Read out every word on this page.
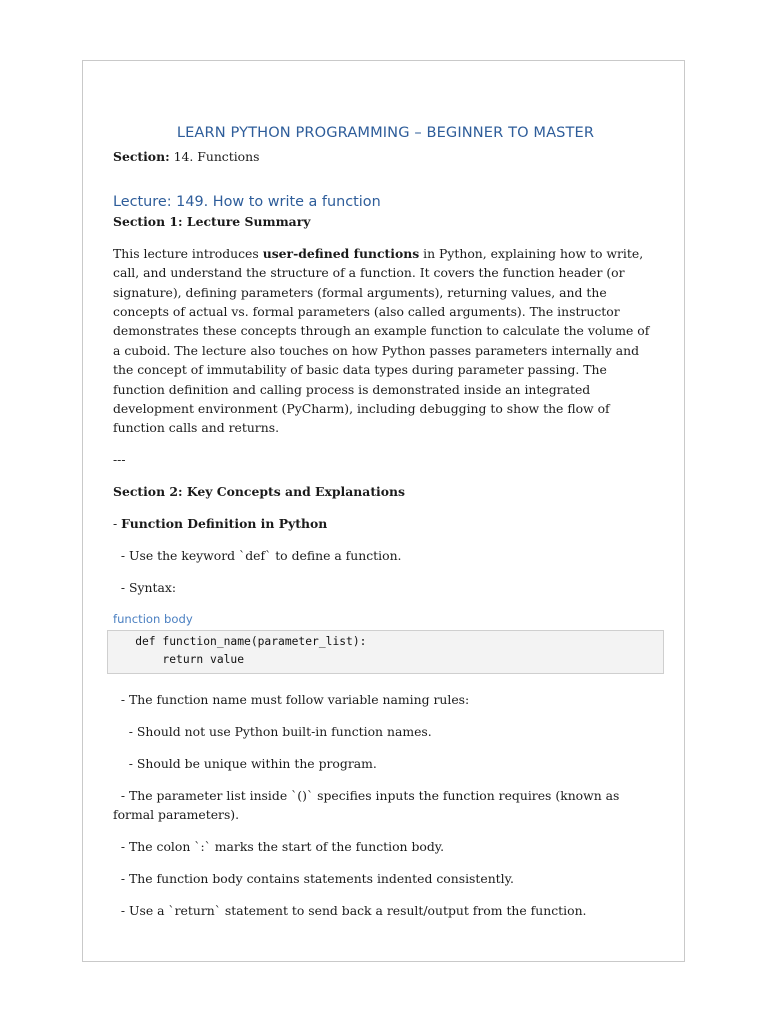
LEARN PYTHON PROGRAMMING – BEGINNER TO MASTER
Section: 14. Functions
Lecture: 149. How to write a function
Section 1: Lecture Summary
This lecture introduces user-defined functions in Python, explaining how to write, call, and understand the structure of a function. It covers the function header (or signature), defining parameters (formal arguments), returning values, and the concepts of actual vs. formal parameters (also called arguments). The instructor demonstrates these concepts through an example function to calculate the volume of a cuboid. The lecture also touches on how Python passes parameters internally and the concept of immutability of basic data types during parameter passing. The function definition and calling process is demonstrated inside an integrated development environment (PyCharm), including debugging to show the flow of function calls and returns.
---
Section 2: Key Concepts and Explanations
- Function Definition in Python
- Use the keyword `def` to define a function.
- Syntax:
function body
def function_name(parameter_list):
return value
- The function name must follow variable naming rules:
- Should not use Python built-in function names.
- Should be unique within the program.
- The parameter list inside `()` specifies inputs the function requires (known as formal parameters).
- The colon `:` marks the start of the function body.
- The function body contains statements indented consistently.
- Use a `return` statement to send back a result/output from the function.
